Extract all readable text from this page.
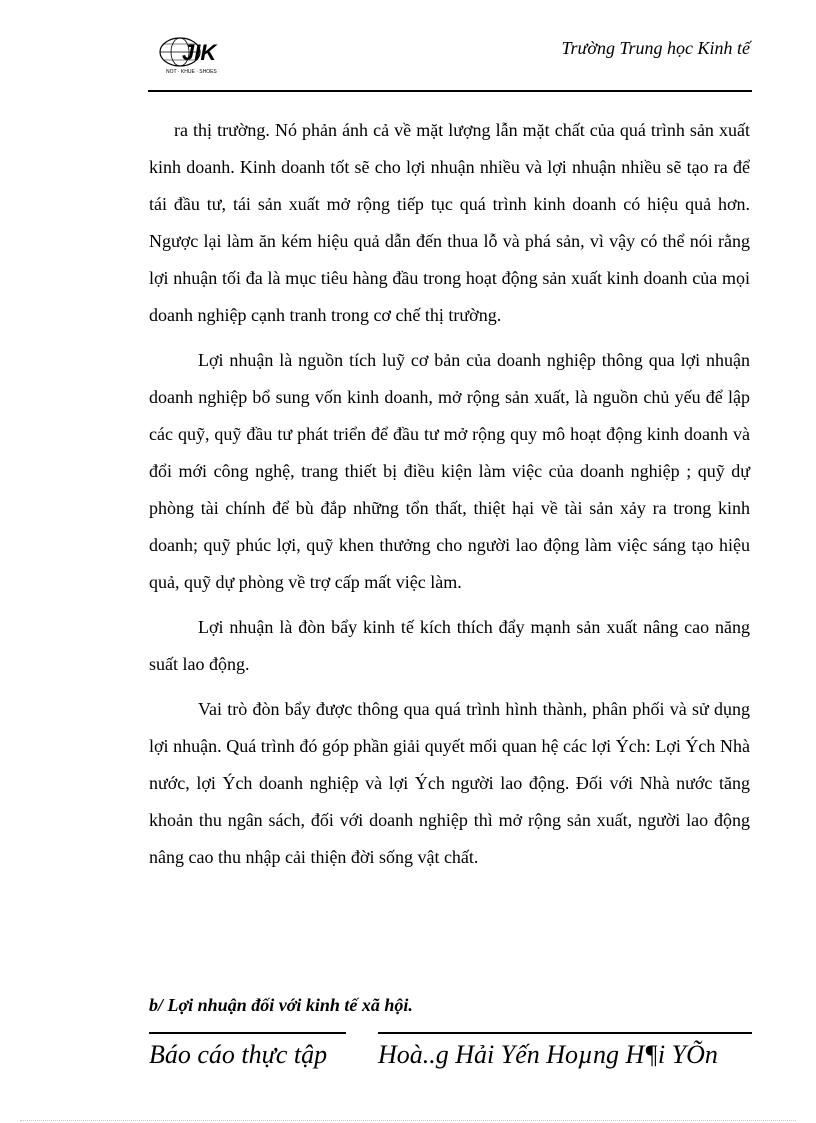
JIK
NOT · KHUE · SHOES
Trường Trung học Kinh tế

ra thị trường. Nó phản ánh cả về mặt lượng lẫn mặt chất của quá trình sản xuất kinh doanh. Kinh doanh tốt sẽ cho lợi nhuận nhiều và lợi nhuận nhiều sẽ tạo ra để tái đầu tư, tái sản xuất mở rộng tiếp tục quá trình kinh doanh có hiệu quả hơn. Ngược lại làm ăn kém hiệu quả dẫn đến thua lỗ và phá sản, vì vậy có thể nói rằng lợi nhuận tối đa là mục tiêu hàng đầu trong hoạt động sản xuất kinh doanh của mọi doanh nghiệp cạnh tranh trong cơ chế thị trường.

Lợi nhuận là nguồn tích luỹ cơ bản của doanh nghiệp thông qua lợi nhuận doanh nghiệp bổ sung vốn kinh doanh, mở rộng sản xuất, là nguồn chủ yếu để lập các quỹ, quỹ đầu tư phát triển để đầu tư mở rộng quy mô hoạt động kinh doanh và đổi mới công nghệ, trang thiết bị điều kiện làm việc của doanh nghiệp ; quỹ dự phòng tài chính để bù đắp những tổn thất, thiệt hại về tài sản xảy ra trong kinh doanh; quỹ phúc lợi, quỹ khen thưởng cho người lao động làm việc sáng tạo hiệu quả, quỹ dự phòng về trợ cấp mất việc làm.

Lợi nhuận là đòn bẩy kinh tế kích thích đẩy mạnh sản xuất nâng cao năng suất lao động.

Vai trò đòn bẩy được thông qua quá trình hình thành, phân phối và sử dụng lợi nhuận. Quá trình đó góp phần giải quyết mối quan hệ các lợi Ých: Lợi Ých Nhà nước, lợi Ých doanh nghiệp và lợi Ých người lao động. Đối với Nhà nước tăng khoản thu ngân sách, đối với doanh nghiệp thì mở rộng sản xuất, người lao động nâng cao thu nhập cải thiện đời sống vật chất.

b/ Lợi nhuận đối với kinh tế xã hội.
Báo cáo thực tập Hoà..g Hải Yến Hoµng H¶i YÕn
